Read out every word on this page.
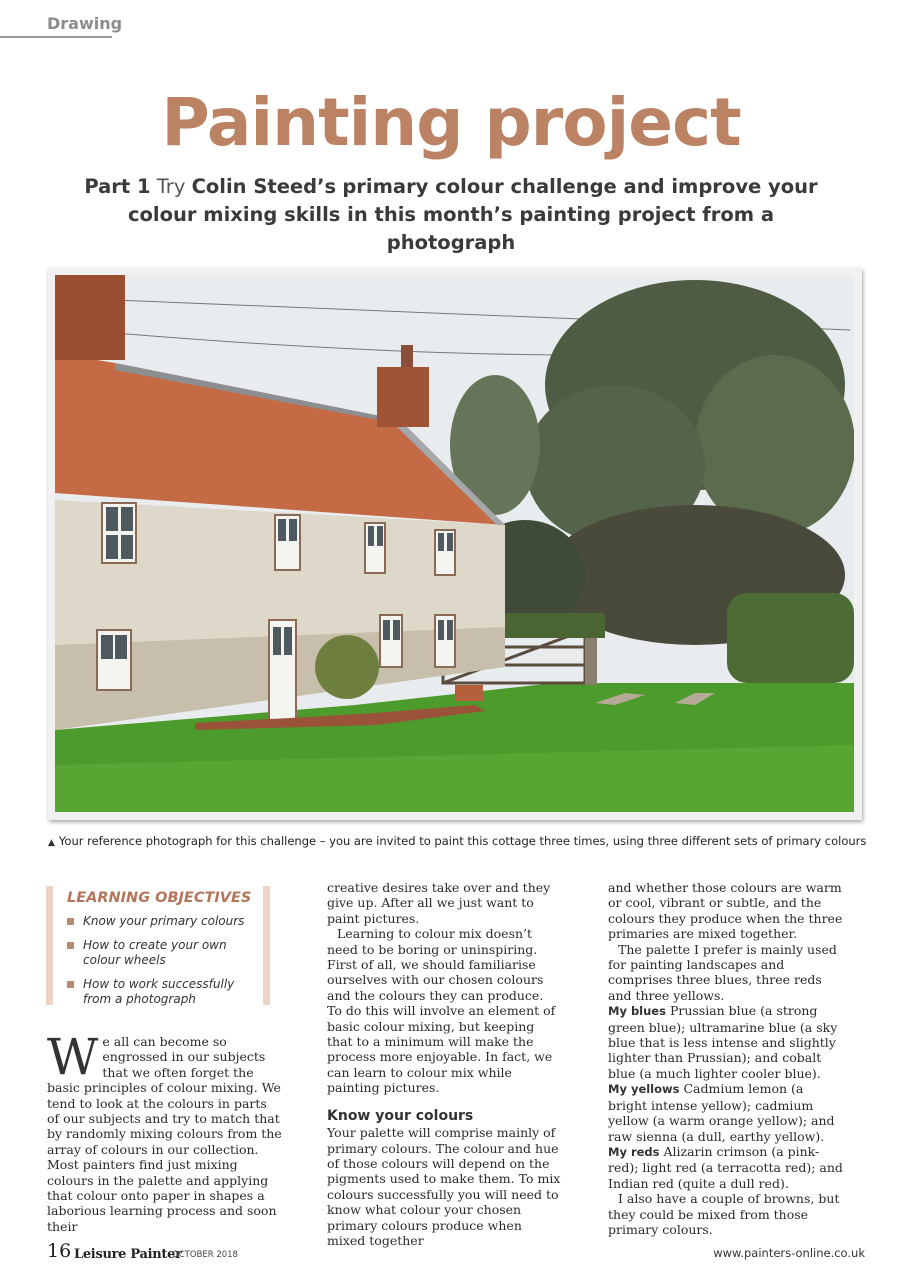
Drawing
Painting project
Part 1 Try Colin Steed’s primary colour challenge and improve your
colour mixing skills in this month’s painting project from a photograph
▲ Your reference photograph for this challenge – you are invited to paint this cottage three times, using three different sets of primary colours
LEARNING OBJECTIVES
Know your primary colours
How to create your own colour wheels
How to work successfully from a photograph

We all can become so engrossed in our subjects that we often forget the basic principles of colour mixing. We tend to look at the colours in parts of our subjects and try to match that by randomly mixing colours from the array of colours in our collection. Most painters find just mixing colours in the palette and applying that colour onto paper in shapes a laborious learning process and soon their

creative desires take over and they give up. After all we just want to paint pictures.

Learning to colour mix doesn’t need to be boring or uninspiring. First of all, we should familiarise ourselves with our chosen colours and the colours they can produce. To do this will involve an element of basic colour mixing, but keeping that to a minimum will make the process more enjoyable. In fact, we can learn to colour mix while painting pictures.

Know your colours

Your palette will comprise mainly of primary colours. The colour and hue of those colours will depend on the pigments used to make them. To mix colours successfully you will need to know what colour your chosen primary colours produce when mixed together

and whether those colours are warm or cool, vibrant or subtle, and the colours they produce when the three primaries are mixed together.

The palette I prefer is mainly used for painting landscapes and comprises three blues, three reds and three yellows.

My blues Prussian blue (a strong green blue); ultramarine blue (a sky blue that is less intense and slightly lighter than Prussian); and cobalt blue (a much lighter cooler blue).

My yellows Cadmium lemon (a bright intense yellow); cadmium yellow (a warm orange yellow); and raw sienna (a dull, earthy yellow).

My reds Alizarin crimson (a pink-red); light red (a terracotta red); and Indian red (quite a dull red).

I also have a couple of browns, but they could be mixed from those primary colours.

16 Leisure Painter
OCTOBER 2018	www.painters-online.co.uk
